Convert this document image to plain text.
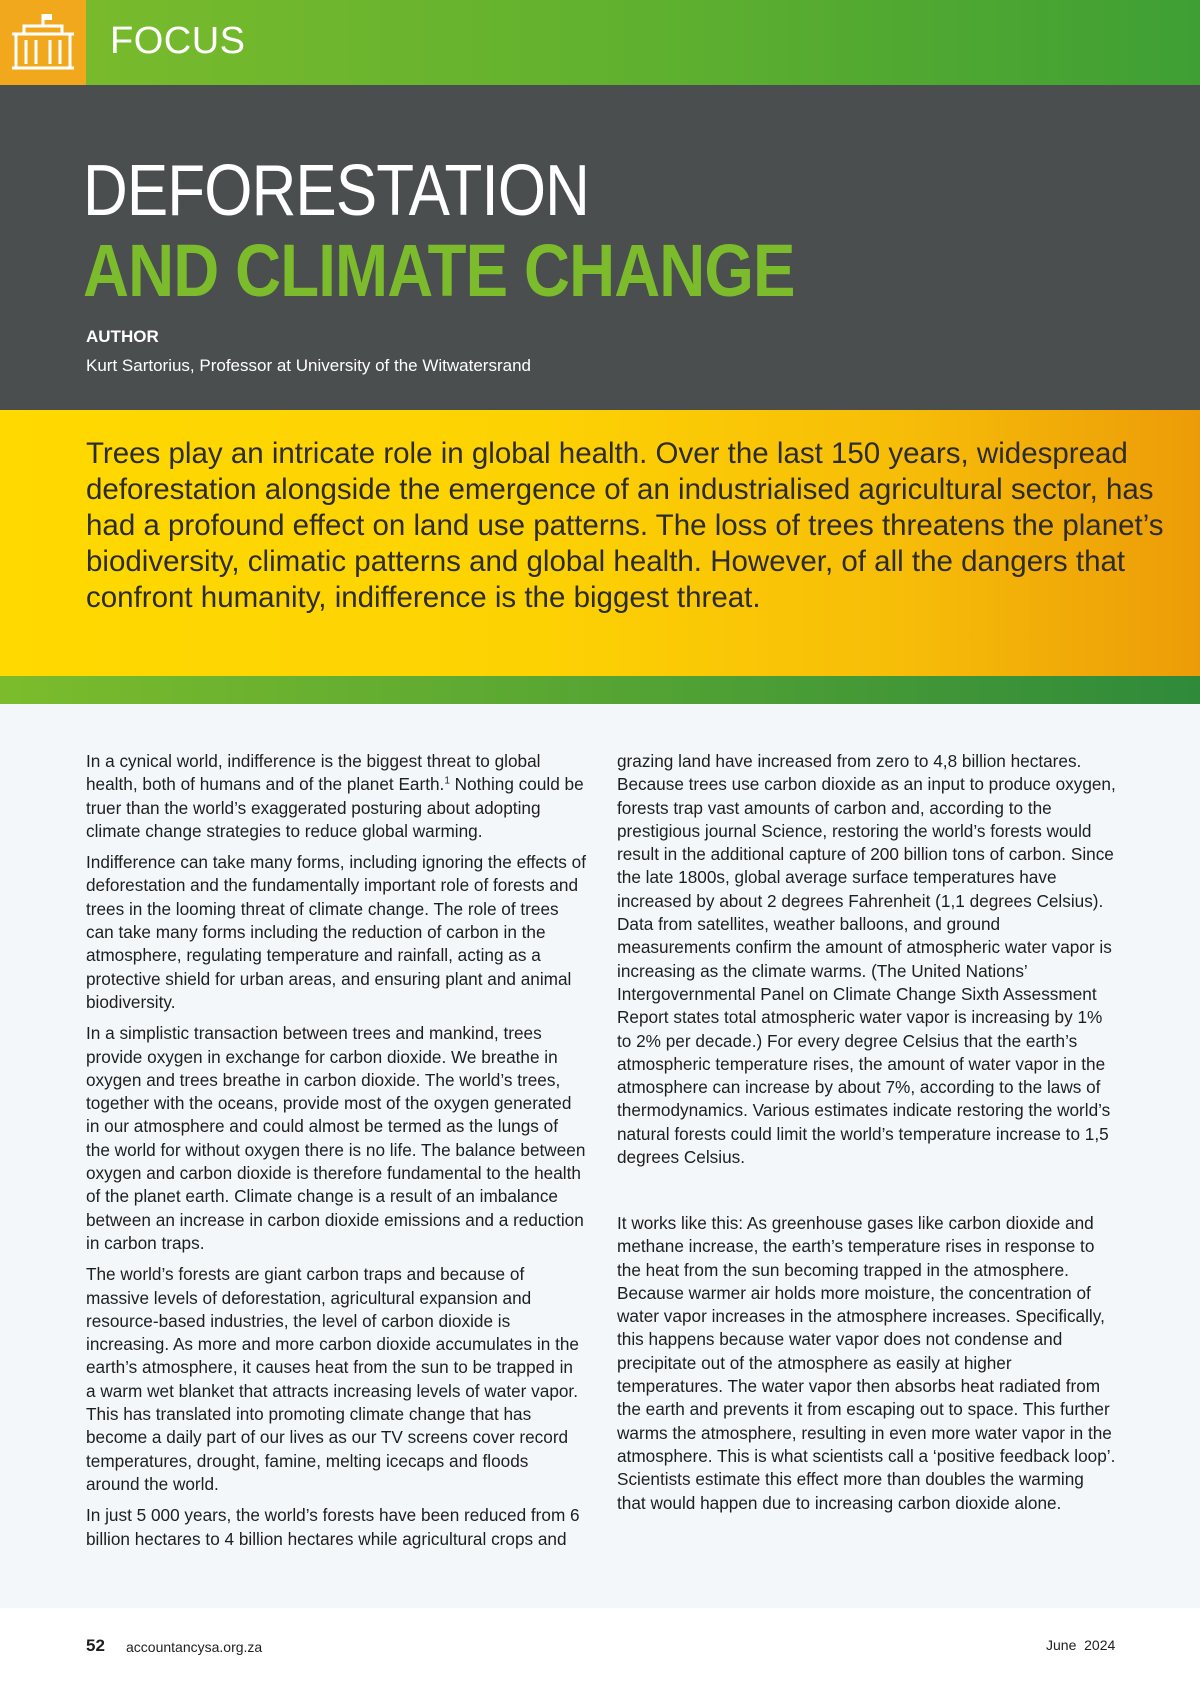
FOCUS
DEFORESTATION
AND CLIMATE CHANGE
AUTHOR
Kurt Sartorius, Professor at University of the Witwatersrand

Trees play an intricate role in global health. Over the last 150 years, widespread deforestation alongside the emergence of an industrialised agricultural sector, has had a profound effect on land use patterns. The loss of trees threatens the planet’s biodiversity, climatic patterns and global health. However, of all the dangers that confront humanity, indifference is the biggest threat.

In a cynical world, indifference is the biggest threat to global health, both of humans and of the planet Earth.$^1$ Nothing could be truer than the world’s exaggerated posturing about adopting climate change strategies to reduce global warming.

Indifference can take many forms, including ignoring the effects of deforestation and the fundamentally important role of forests and trees in the looming threat of climate change. The role of trees can take many forms including the reduction of carbon in the atmosphere, regulating temperature and rainfall, acting as a protective shield for urban areas, and ensuring plant and animal biodiversity.

In a simplistic transaction between trees and mankind, trees provide oxygen in exchange for carbon dioxide. We breathe in oxygen and trees breathe in carbon dioxide. The world’s trees, together with the oceans, provide most of the oxygen generated in our atmosphere and could almost be termed as the lungs of the world for without oxygen there is no life. The balance between oxygen and carbon dioxide is therefore fundamental to the health of the planet earth. Climate change is a result of an imbalance between an increase in carbon dioxide emissions and a reduction in carbon traps.

The world’s forests are giant carbon traps and because of massive levels of deforestation, agricultural expansion and resource-based industries, the level of carbon dioxide is increasing. As more and more carbon dioxide accumulates in the earth’s atmosphere, it causes heat from the sun to be trapped in a warm wet blanket that attracts increasing levels of water vapor. This has translated into promoting climate change that has become a daily part of our lives as our TV screens cover record temperatures, drought, famine, melting icecaps and floods around the world.

In just 5 000 years, the world’s forests have been reduced from 6 billion hectares to 4 billion hectares while agricultural crops and

grazing land have increased from zero to 4,8 billion hectares. Because trees use carbon dioxide as an input to produce oxygen, forests trap vast amounts of carbon and, according to the prestigious journal Science, restoring the world’s forests would result in the additional capture of 200 billion tons of carbon. Since the late 1800s, global average surface temperatures have increased by about 2 degrees Fahrenheit (1,1 degrees Celsius). Data from satellites, weather balloons, and ground measurements confirm the amount of atmospheric water vapor is increasing as the climate warms. (The United Nations’ Intergovernmental Panel on Climate Change Sixth Assessment Report states total atmospheric water vapor is increasing by 1% to 2% per decade.) For every degree Celsius that the earth’s atmospheric temperature rises, the amount of water vapor in the atmosphere can increase by about 7%, according to the laws of thermodynamics. Various estimates indicate restoring the world’s natural forests could limit the world’s temperature increase to 1,5 degrees Celsius.

It works like this: As greenhouse gases like carbon dioxide and methane increase, the earth’s temperature rises in response to the heat from the sun becoming trapped in the atmosphere. Because warmer air holds more moisture, the concentration of water vapor increases in the atmosphere increases. Specifically, this happens because water vapor does not condense and precipitate out of the atmosphere as easily at higher temperatures. The water vapor then absorbs heat radiated from the earth and prevents it from escaping out to space. This further warms the atmosphere, resulting in even more water vapor in the atmosphere. This is what scientists call a ‘positive feedback loop’. Scientists estimate this effect more than doubles the warming that would happen due to increasing carbon dioxide alone.

52 accountancysa.org.za	June  2024
